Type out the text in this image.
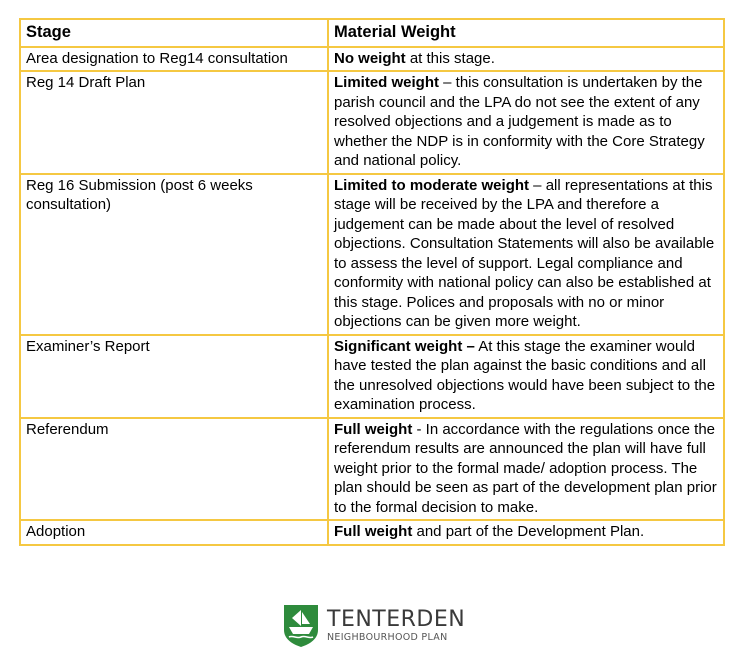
Stage	Material Weight
Area designation to Reg14 consultation	No weight at this stage.
Reg 14 Draft Plan	Limited weight – this consultation is undertaken by the parish council and the LPA do not see the extent of any resolved objections and a judgement is made as to whether the NDP is in conformity with the Core Strategy and national policy.
Reg 16 Submission (post 6 weeks consultation)	Limited to moderate weight – all representations at this stage will be received by the LPA and therefore a judgement can be made about the level of resolved objections. Consultation Statements will also be available to assess the level of support. Legal compliance and conformity with national policy can also be established at this stage. Polices and proposals with no or minor objections can be given more weight.
Examiner’s Report	Significant weight – At this stage the examiner would have tested the plan against the basic conditions and all the unresolved objections would have been subject to the examination process.
Referendum	Full weight - In accordance with the regulations once the referendum results are announced the plan will have full weight prior to the formal made/ adoption process. The plan should be seen as part of the development plan prior to the formal decision to make.
Adoption	Full weight and part of the Development Plan.
TENTERDEN
NEIGHBOURHOOD PLAN
